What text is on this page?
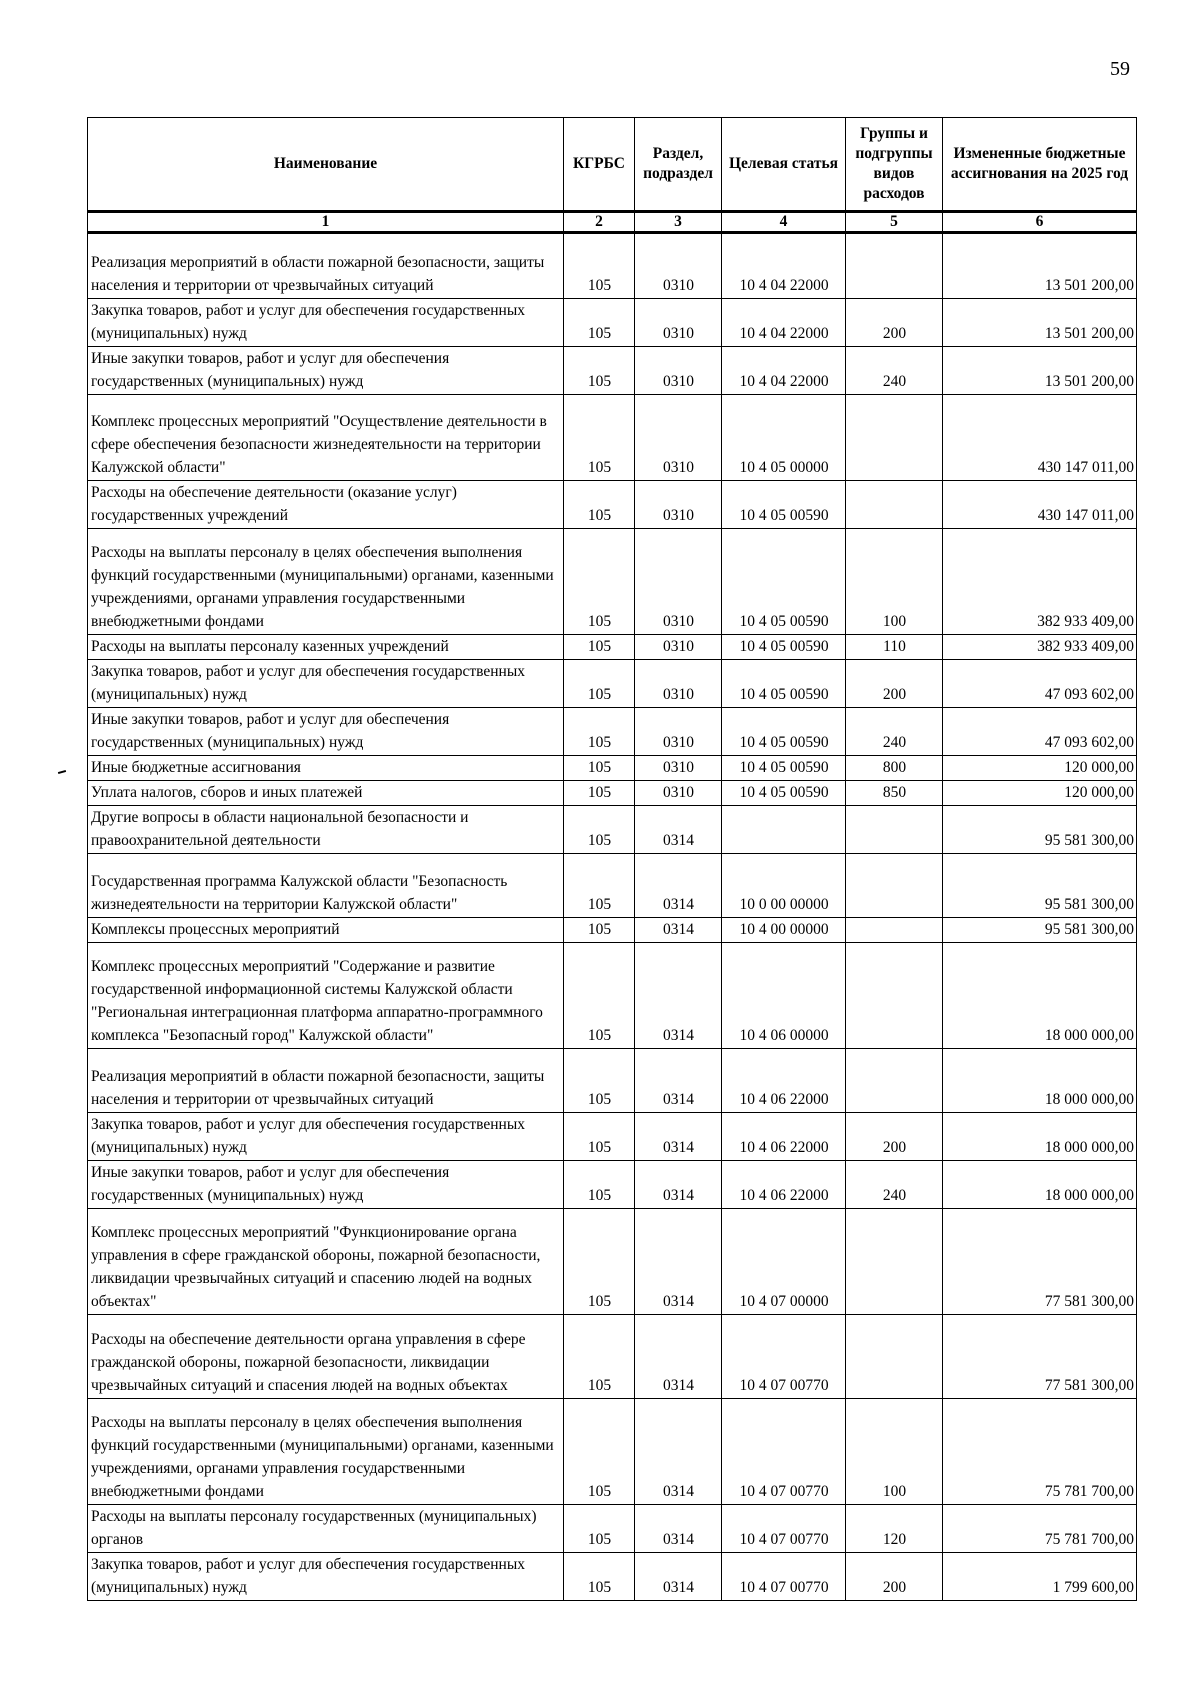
59
Наименование	КГРБС	Раздел, подраздел	Целевая статья	Группы и подгруппы видов расходов	Измененные бюджетные ассигнования на 2025 год
1	2	3	4	5	6
Реализация мероприятий в области пожарной безопасности, защиты населения и территории от чрезвычайных ситуаций	105	0310	10 4 04 22000		13 501 200,00
Закупка товаров, работ и услуг для обеспечения государственных (муниципальных) нужд	105	0310	10 4 04 22000	200	13 501 200,00
Иные закупки товаров, работ и услуг для обеспечения государственных (муниципальных) нужд	105	0310	10 4 04 22000	240	13 501 200,00
Комплекс процессных мероприятий "Осуществление деятельности в сфере обеспечения безопасности жизнедеятельности на территории Калужской области"	105	0310	10 4 05 00000		430 147 011,00
Расходы на обеспечение деятельности (оказание услуг) государственных учреждений	105	0310	10 4 05 00590		430 147 011,00
Расходы на выплаты персоналу в целях обеспечения выполнения функций государственными (муниципальными) органами, казенными учреждениями, органами управления государственными внебюджетными фондами	105	0310	10 4 05 00590	100	382 933 409,00
Расходы на выплаты персоналу казенных учреждений	105	0310	10 4 05 00590	110	382 933 409,00
Закупка товаров, работ и услуг для обеспечения государственных (муниципальных) нужд	105	0310	10 4 05 00590	200	47 093 602,00
Иные закупки товаров, работ и услуг для обеспечения государственных (муниципальных) нужд	105	0310	10 4 05 00590	240	47 093 602,00
Иные бюджетные ассигнования	105	0310	10 4 05 00590	800	120 000,00
Уплата налогов, сборов и иных платежей	105	0310	10 4 05 00590	850	120 000,00
Другие вопросы в области национальной безопасности и правоохранительной деятельности	105	0314			95 581 300,00
Государственная программа Калужской области "Безопасность жизнедеятельности на территории Калужской области"	105	0314	10 0 00 00000		95 581 300,00
Комплексы процессных мероприятий	105	0314	10 4 00 00000		95 581 300,00
Комплекс процессных мероприятий "Содержание и развитие государственной информационной системы Калужской области "Региональная интеграционная платформа аппаратно-программного комплекса "Безопасный город" Калужской области"	105	0314	10 4 06 00000		18 000 000,00
Реализация мероприятий в области пожарной безопасности, защиты населения и территории от чрезвычайных ситуаций	105	0314	10 4 06 22000		18 000 000,00
Закупка товаров, работ и услуг для обеспечения государственных (муниципальных) нужд	105	0314	10 4 06 22000	200	18 000 000,00
Иные закупки товаров, работ и услуг для обеспечения государственных (муниципальных) нужд	105	0314	10 4 06 22000	240	18 000 000,00
Комплекс процессных мероприятий "Функционирование органа управления в сфере гражданской обороны, пожарной безопасности, ликвидации чрезвычайных ситуаций и спасению людей на водных объектах"	105	0314	10 4 07 00000		77 581 300,00
Расходы на обеспечение деятельности органа управления в сфере гражданской обороны, пожарной безопасности, ликвидации чрезвычайных ситуаций и спасения людей на водных объектах	105	0314	10 4 07 00770		77 581 300,00
Расходы на выплаты персоналу в целях обеспечения выполнения функций государственными (муниципальными) органами, казенными учреждениями, органами управления государственными внебюджетными фондами	105	0314	10 4 07 00770	100	75 781 700,00
Расходы на выплаты персоналу государственных (муниципальных) органов	105	0314	10 4 07 00770	120	75 781 700,00
Закупка товаров, работ и услуг для обеспечения государственных (муниципальных) нужд	105	0314	10 4 07 00770	200	1 799 600,00
